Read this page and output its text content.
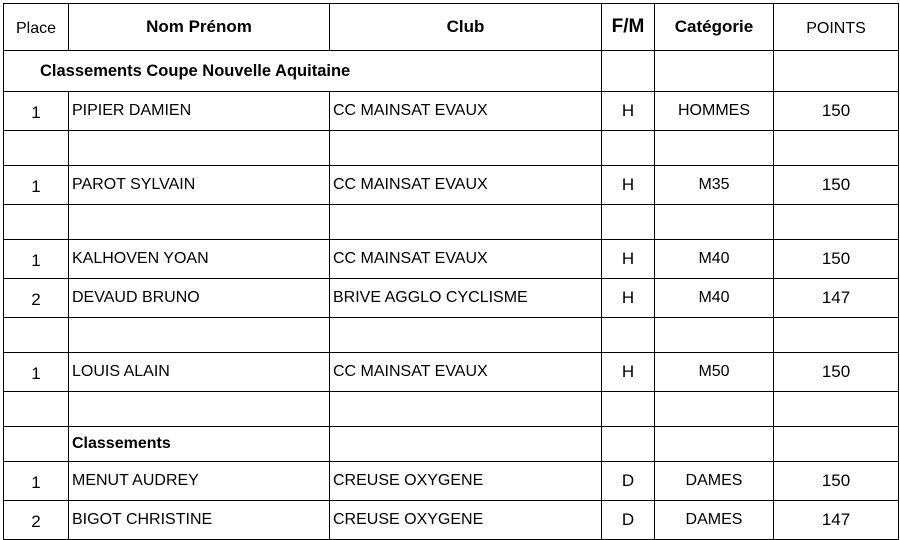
Place	Nom Prénom	Club	F/M	Catégorie	POINTS
Classements Coupe Nouvelle Aquitaine					
1	PIPIER DAMIEN	CC MAINSAT EVAUX	H	HOMMES	150

1	PAROT SYLVAIN	CC MAINSAT EVAUX	H	M35	150

1	KALHOVEN YOAN	CC MAINSAT EVAUX	H	M40	150
2	DEVAUD BRUNO	BRIVE AGGLO CYCLISME	H	M40	147

1	LOUIS ALAIN	CC MAINSAT EVAUX	H	M50	150

	Classements				
1	MENUT AUDREY	CREUSE OXYGENE	D	DAMES	150
2	BIGOT CHRISTINE	CREUSE OXYGENE	D	DAMES	147
